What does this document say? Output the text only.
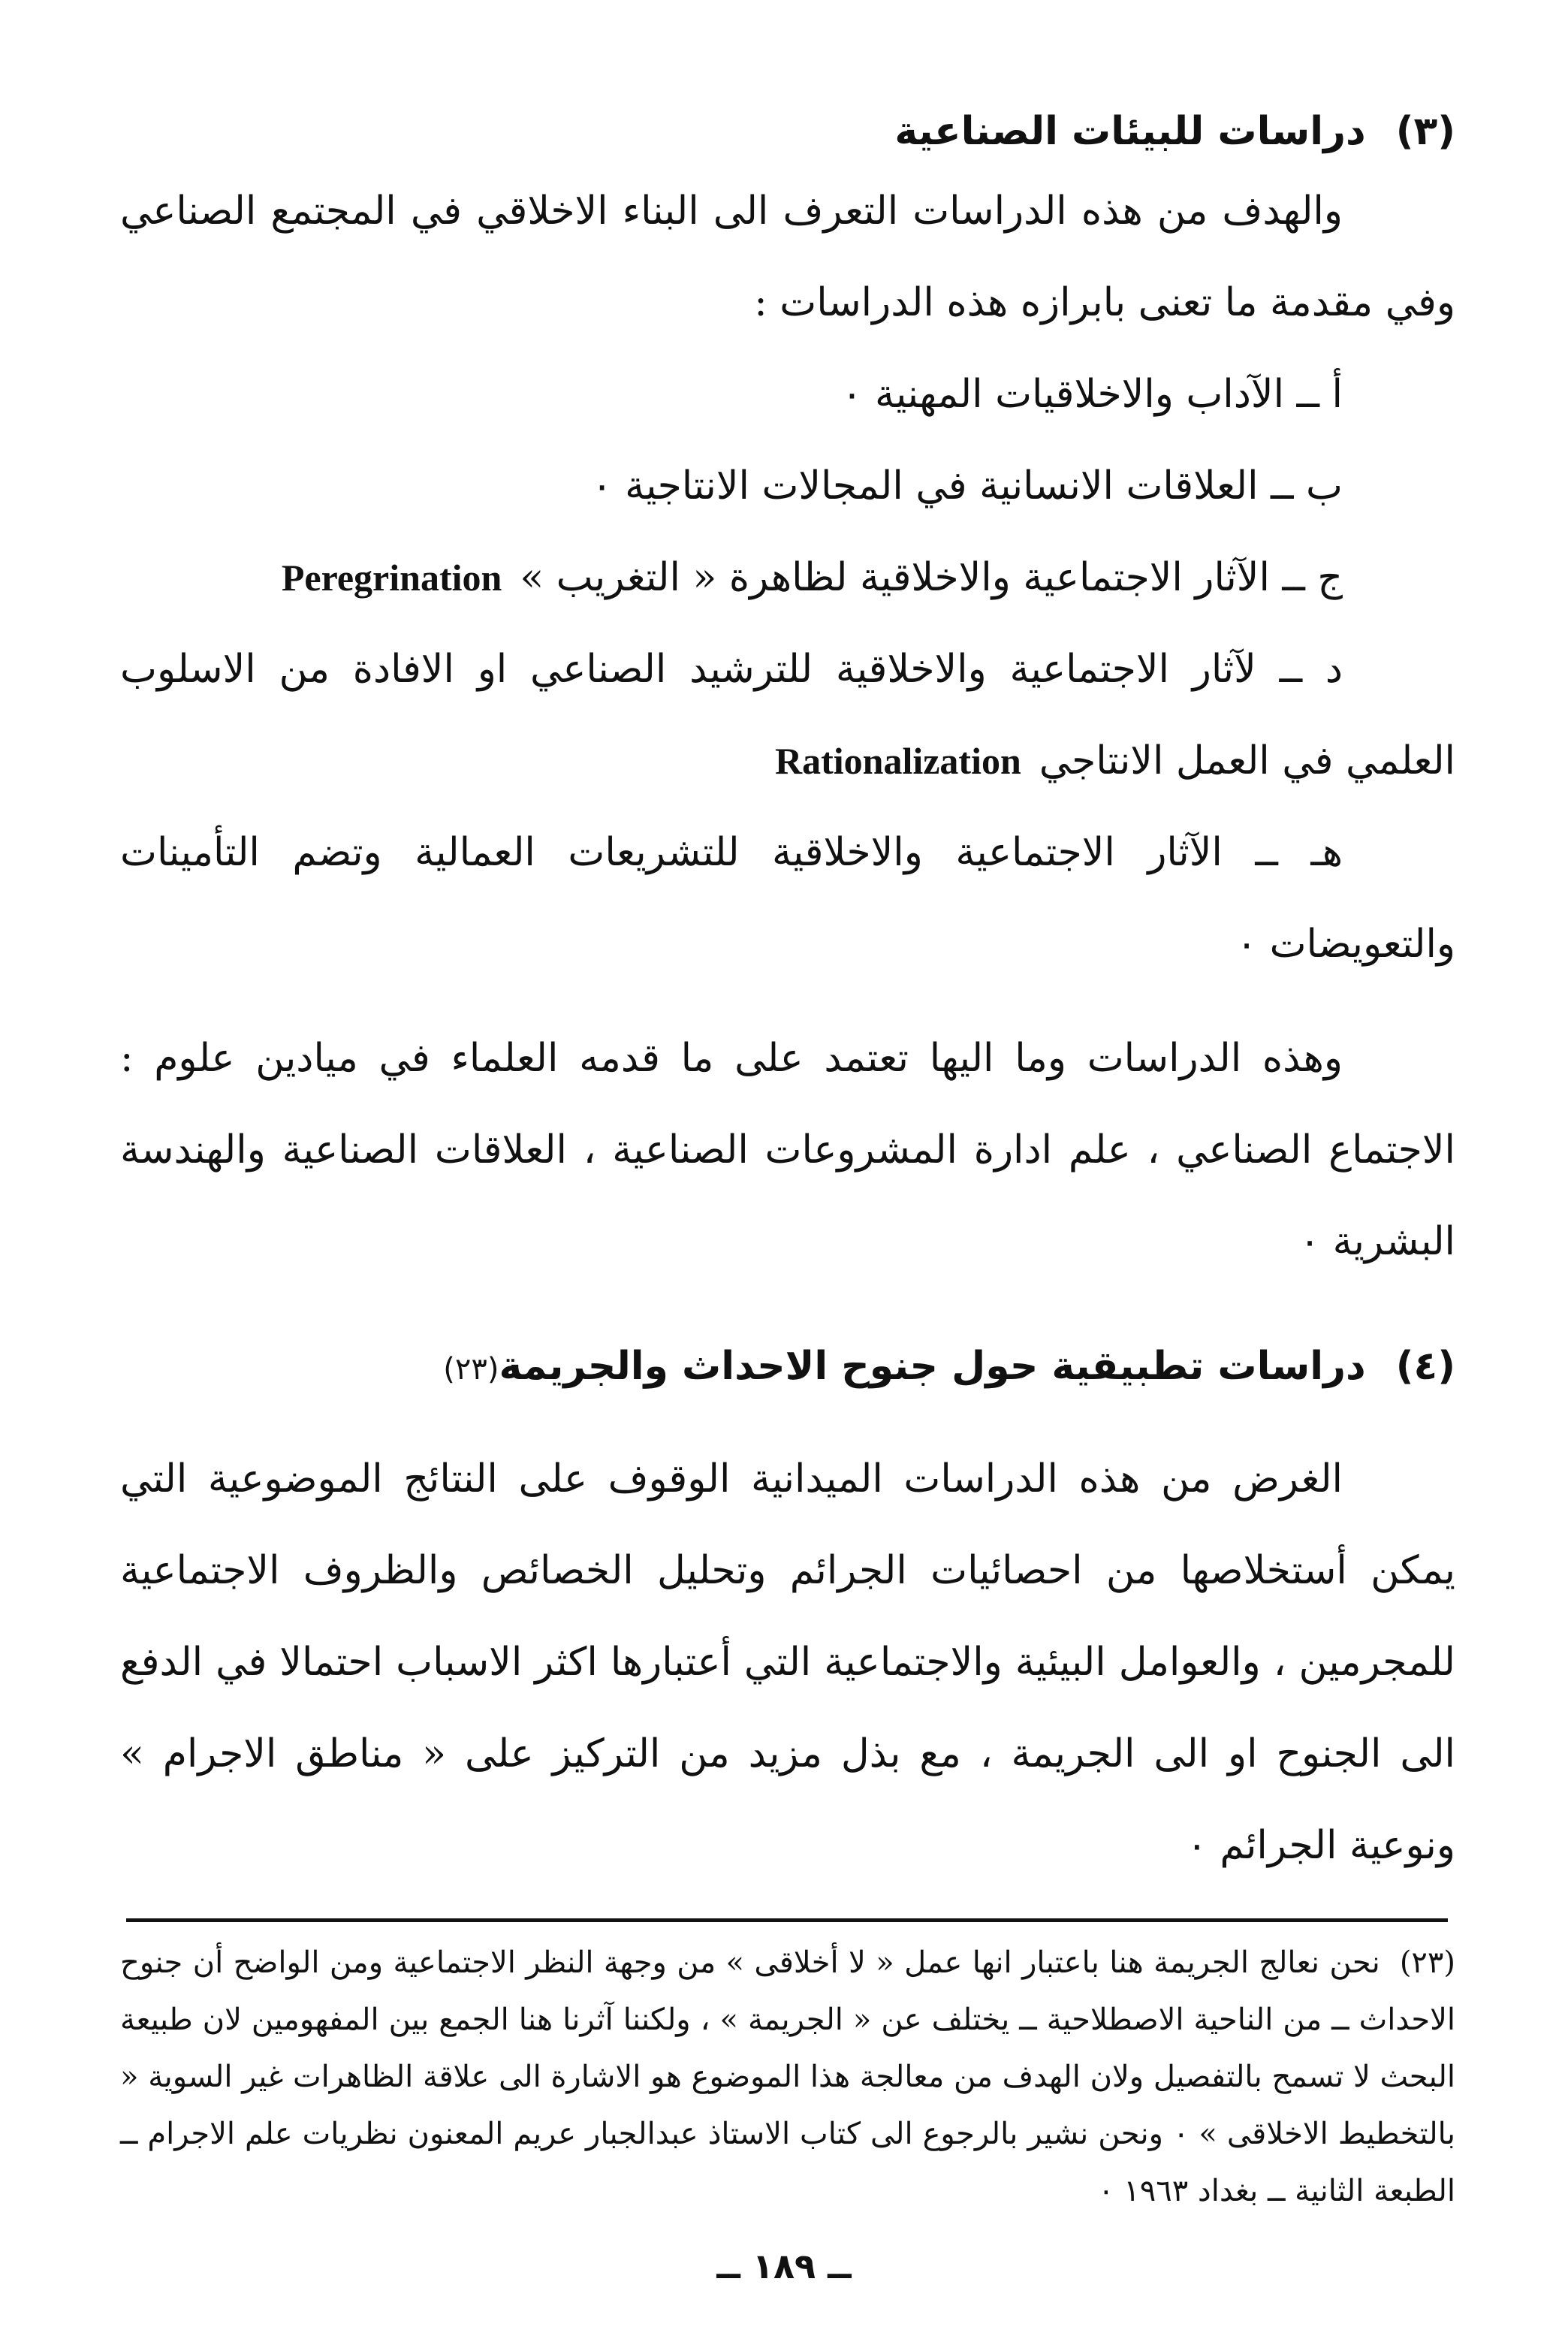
(٣)دراسات للبيئات الصناعية

والهدف من هذه الدراسات التعرف الى البناء الاخلاقي في المجتمع الصناعي وفي مقدمة ما تعنى بابرازه هذه الدراسات :

أ ــ الآداب والاخلاقيات المهنية ٠

ب ــ العلاقات الانسانية في المجالات الانتاجية ٠

ج ــ الآثار الاجتماعية والاخلاقية لظاهرة « التغريب »Peregrination

د ــ لآثار الاجتماعية والاخلاقية للترشيد الصناعي او الافادة من الاسلوب العلمي في العمل الانتاجيRationalization

هـ ــ الآثار الاجتماعية والاخلاقية للتشريعات العمالية وتضم التأمينات والتعويضات ٠

وهذه الدراسات وما اليها تعتمد على ما قدمه العلماء في ميادين علوم : الاجتماع الصناعي ، علم ادارة المشروعات الصناعية ، العلاقات الصناعية والهندسة البشرية ٠

(٤)دراسات تطبيقية حول جنوح الاحداث والجريمة(٢٣)

الغرض من هذه الدراسات الميدانية الوقوف على النتائج الموضوعية التي يمكن أستخلاصها من احصائيات الجرائم وتحليل الخصائص والظروف الاجتماعية للمجرمين ، والعوامل البيئية والاجتماعية التي أعتبارها اكثر الاسباب احتمالا في الدفع الى الجنوح او الى الجريمة ، مع بذل مزيد من التركيز على « مناطق الاجرام » ونوعية الجرائم ٠

(٢٣)نحن نعالج الجريمة هنا باعتبار انها عمل « لا أخلاقى » من وجهة النظر الاجتماعية ومن الواضح أن جنوح الاحداث ــ من الناحية الاصطلاحية ــ يختلف عن « الجريمة » ، ولكننا آثرنا هنا الجمع بين المفهومين لان طبيعة البحث لا تسمح بالتفصيل ولان الهدف من معالجة هذا الموضوع هو الاشارة الى علاقة الظاهرات غير السوية « بالتخطيط الاخلاقى » ٠ ونحن نشير بالرجوع الى كتاب الاستاذ عبدالجبار عريم المعنون نظريات علم الاجرام ــ الطبعة الثانية ــ بغداد ١٩٦٣ ٠

ــ ١٨٩ ــ
